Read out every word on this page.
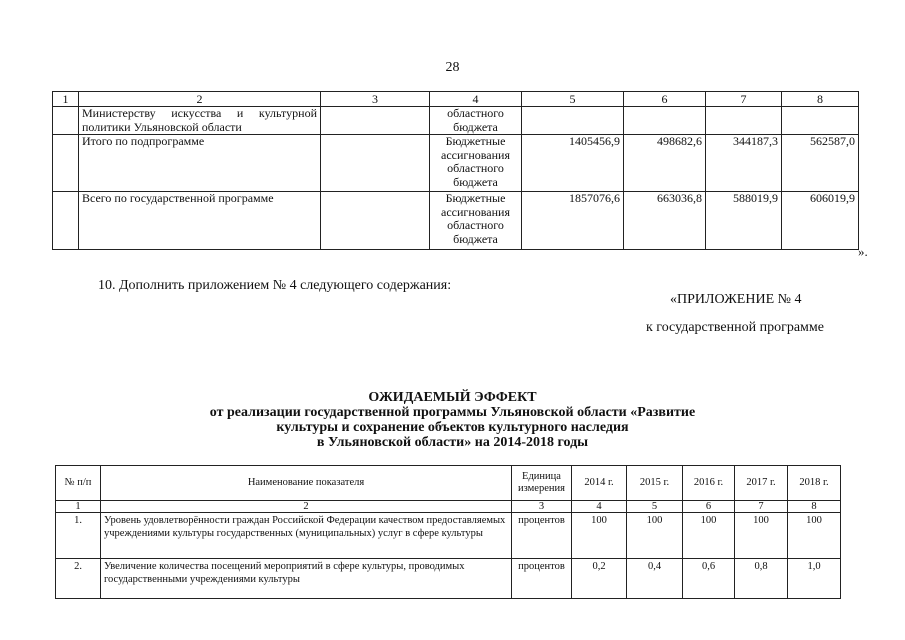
28
1	2	3	4	5	6	7	8
	Министерству искусства и культурной политики Ульяновской области		областного бюджета				
	Итого по подпрограмме		Бюджетные ассигнования областного бюджета	1405456,9	498682,6	344187,3	562587,0
	Всего по государственной программе		Бюджетные ассигнования областного бюджета	1857076,6	663036,8	588019,9	606019,9
».
10. Дополнить приложением № 4 следующего содержания:
«ПРИЛОЖЕНИЕ № 4
к государственной программе
ОЖИДАЕМЫЙ ЭФФЕКТ
от реализации государственной программы Ульяновской области «Развитие
культуры и сохранение объектов культурного наследия
в Ульяновской области» на 2014-2018 годы
№ п/п	Наименование показателя	Единица измерения	2014 г.	2015 г.	2016 г.	2017 г.	2018 г.
1	2	3	4	5	6	7	8
1.	Уровень удовлетворённости граждан Российской Федерации качеством предоставляемых учреждениями культуры государственных (муниципальных) услуг в сфере культуры	процентов	100	100	100	100	100
2.	Увеличение количества посещений мероприятий в сфере культуры, проводимых государственными учреждениями культуры	процентов	0,2	0,4	0,6	0,8	1,0
